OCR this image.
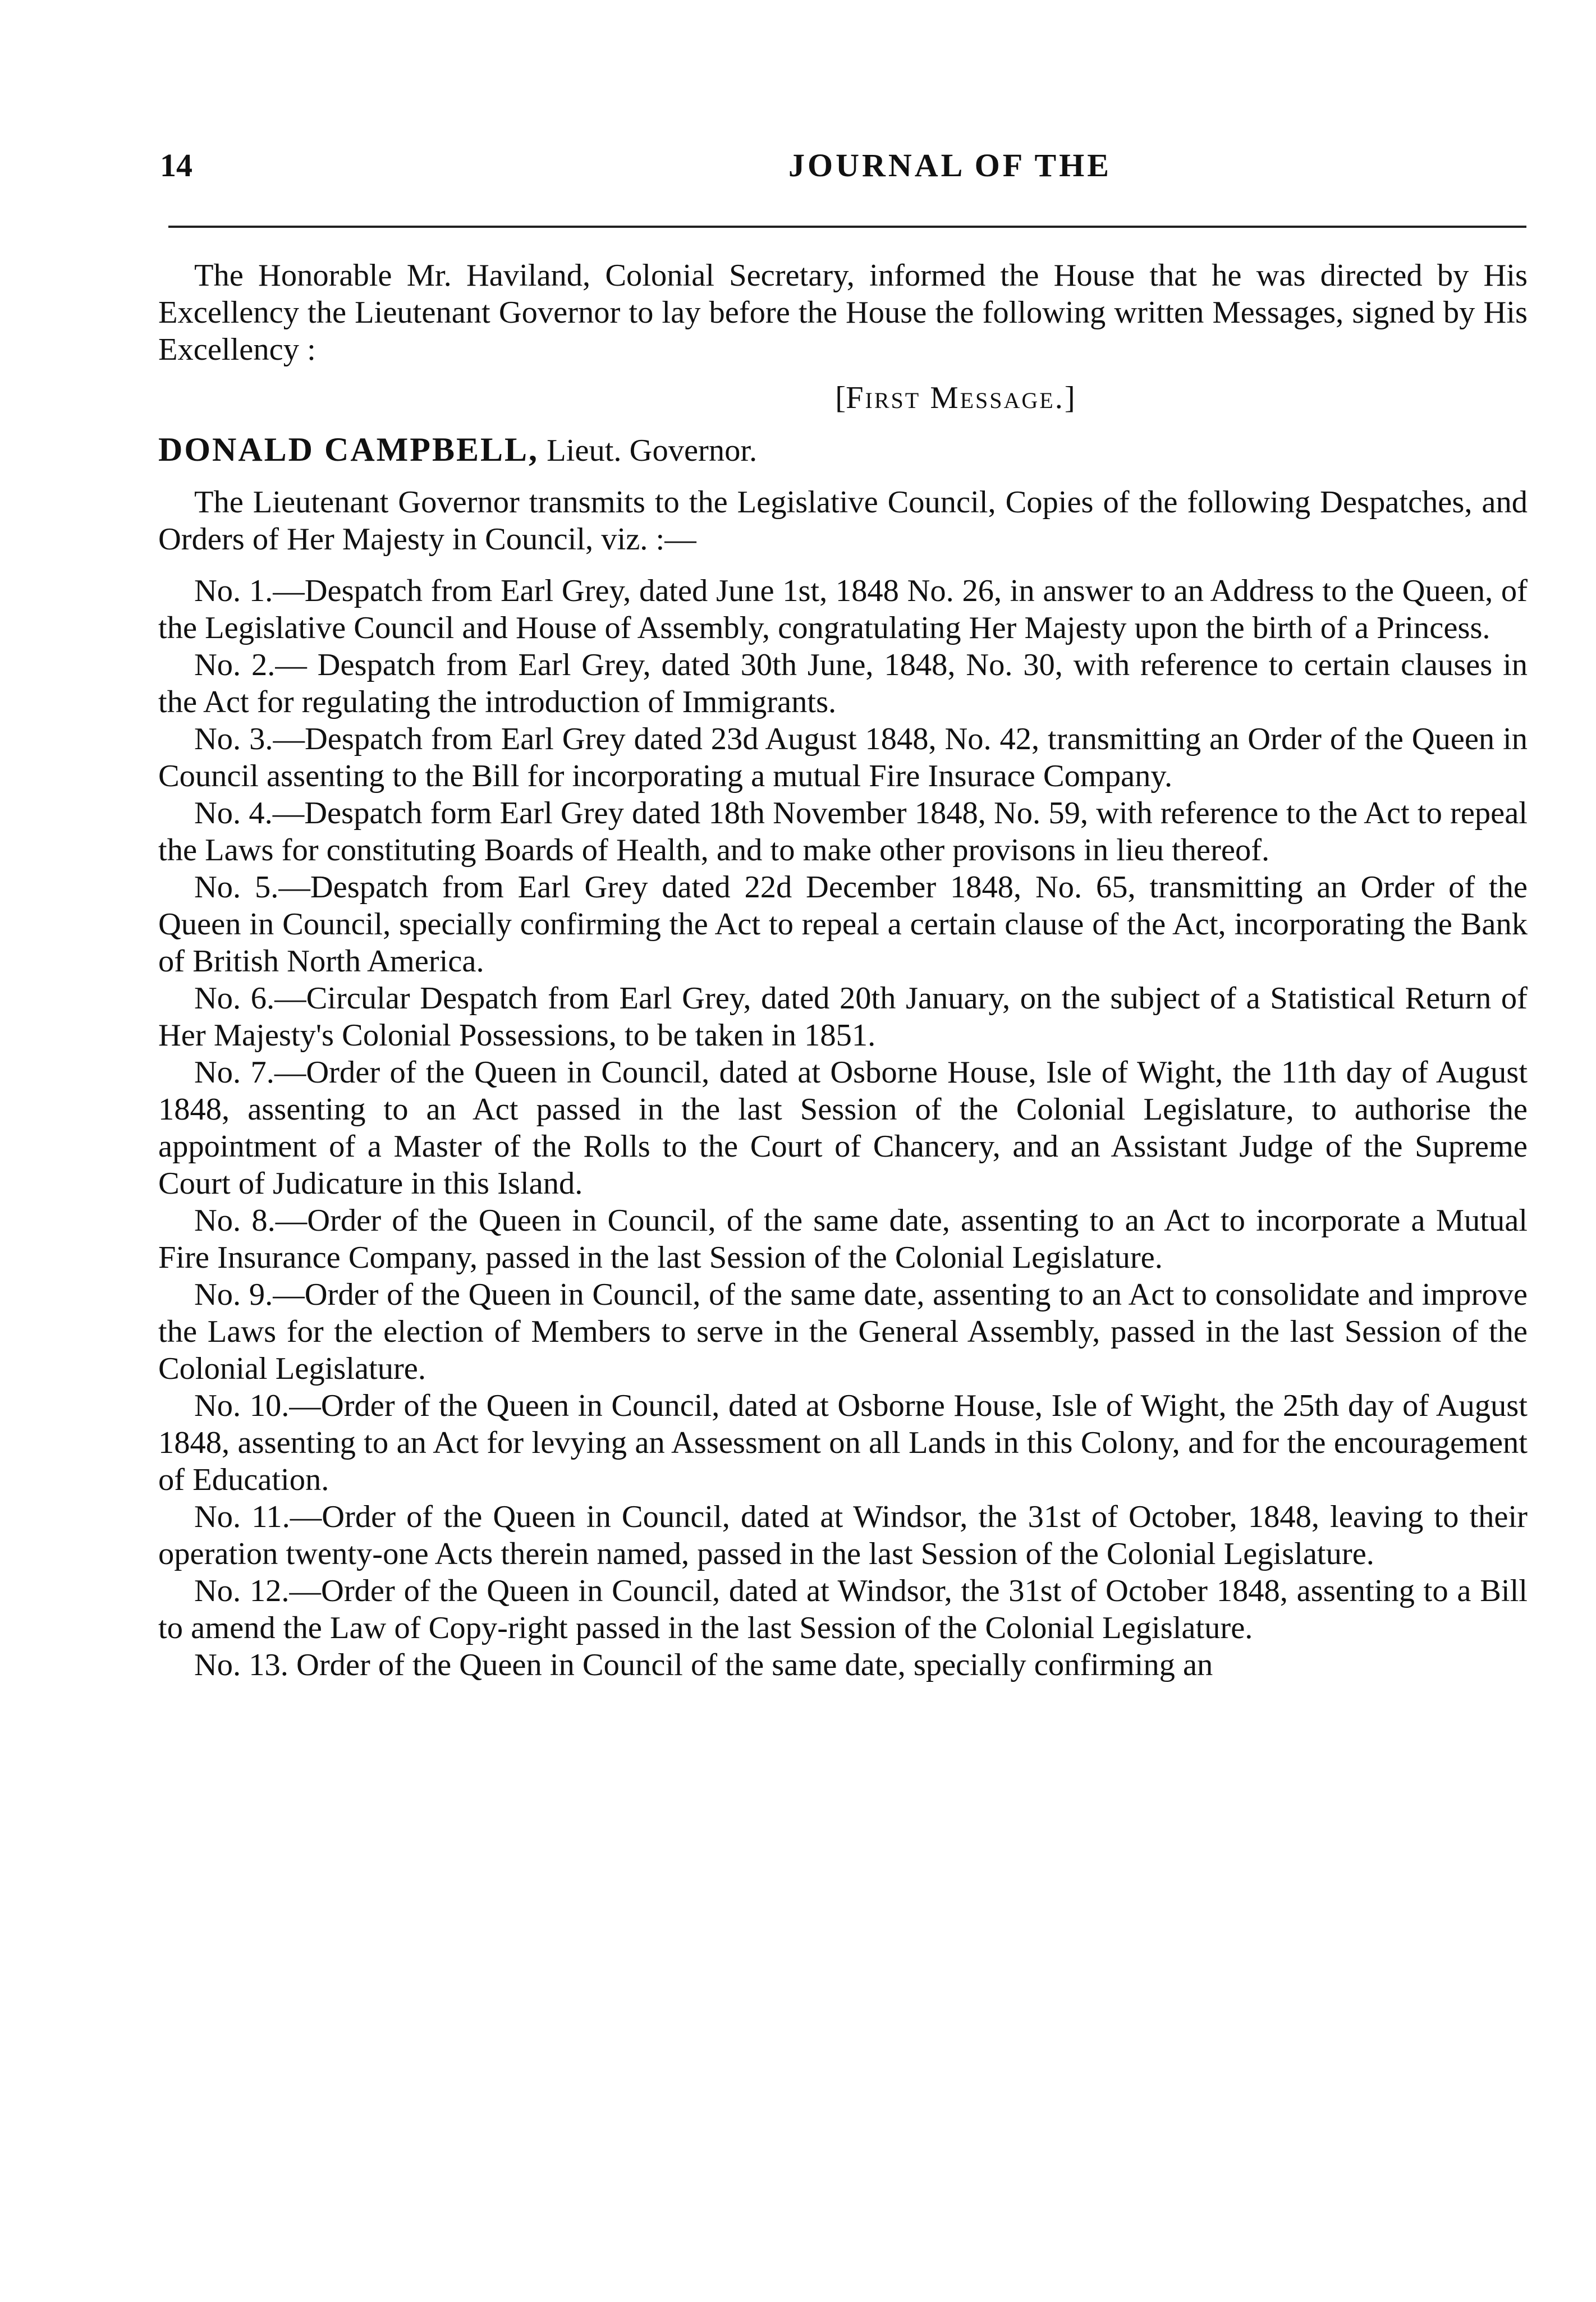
14	JOURNAL OF THE

The Honorable Mr. Haviland, Colonial Secretary, informed the House that he was directed by His Excellency the Lieutenant Governor to lay before the House the following written Messages, signed by His Excellency :

[First Message.]

DONALD CAMPBELL, Lieut. Governor.

The Lieutenant Governor transmits to the Legislative Council, Copies of the following Despatches, and Orders of Her Majesty in Council, viz. :—

No. 1.—Despatch from Earl Grey, dated June 1st, 1848 No. 26, in answer to an Address to the Queen, of the Legislative Council and House of Assembly, congratulating Her Majesty upon the birth of a Princess.

No. 2.— Despatch from Earl Grey, dated 30th June, 1848, No. 30, with reference to certain clauses in the Act for regulating the introduction of Immigrants.

No. 3.—Despatch from Earl Grey dated 23d August 1848, No. 42, transmitting an Order of the Queen in Council assenting to the Bill for incorporating a mutual Fire Insurace Company.

No. 4.—Despatch form Earl Grey dated 18th November 1848, No. 59, with reference to the Act to repeal the Laws for constituting Boards of Health, and to make other provisons in lieu thereof.

No. 5.—Despatch from Earl Grey dated 22d December 1848, No. 65, transmitting an Order of the Queen in Council, specially confirming the Act to repeal a certain clause of the Act, incorporating the Bank of British North America.

No. 6.—Circular Despatch from Earl Grey, dated 20th January, on the subject of a Statistical Return of Her Majesty's Colonial Possessions, to be taken in 1851.

No. 7.—Order of the Queen in Council, dated at Osborne House, Isle of Wight, the 11th day of August 1848, assenting to an Act passed in the last Session of the Colonial Legislature, to authorise the appointment of a Master of the Rolls to the Court of Chancery, and an Assistant Judge of the Supreme Court of Judicature in this Island.

No. 8.—Order of the Queen in Council, of the same date, assenting to an Act to incorporate a Mutual Fire Insurance Company, passed in the last Session of the Colonial Legislature.

No. 9.—Order of the Queen in Council, of the same date, assenting to an Act to consolidate and improve the Laws for the election of Members to serve in the General Assembly, passed in the last Session of the Colonial Legislature.

No. 10.—Order of the Queen in Council, dated at Osborne House, Isle of Wight, the 25th day of August 1848, assenting to an Act for levying an Assessment on all Lands in this Colony, and for the encouragement of Education.

No. 11.—Order of the Queen in Council, dated at Windsor, the 31st of October, 1848, leaving to their operation twenty-one Acts therein named, passed in the last Session of the Colonial Legislature.

No. 12.—Order of the Queen in Council, dated at Windsor, the 31st of October 1848, assenting to a Bill to amend the Law of Copy-right passed in the last Session of the Colonial Legislature.

No. 13. Order of the Queen in Council of the same date, specially confirming an
